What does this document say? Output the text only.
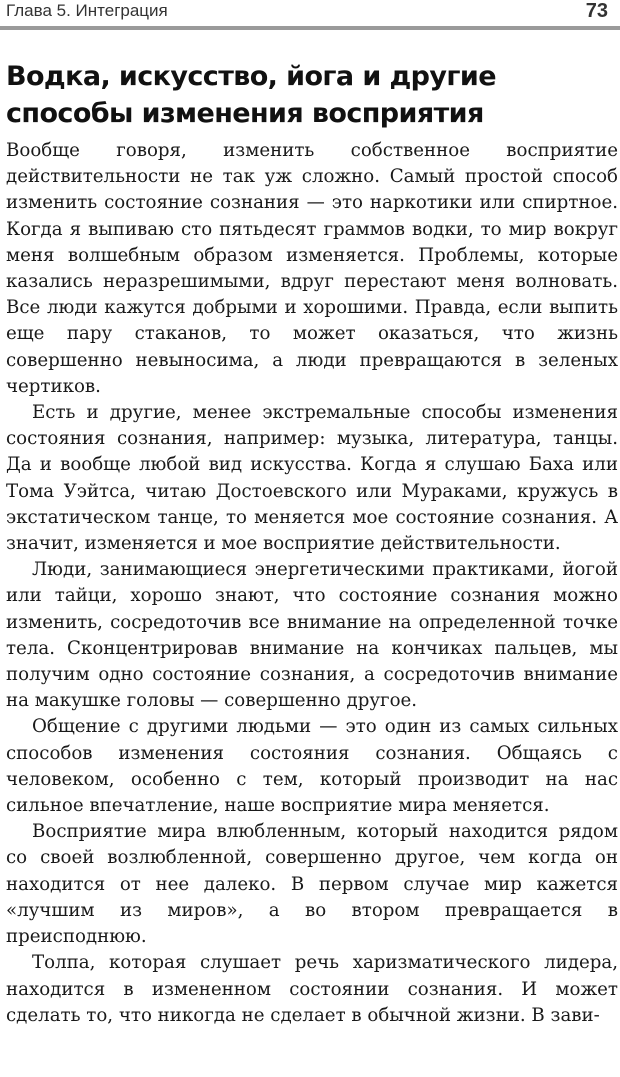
Глава 5. Интеграция	73
Водка, искусство, йога и другие способы изменения восприятия

Вообще говоря, изменить собственное восприятие действительности не так уж сложно. Самый простой способ изменить состояние сознания — это наркотики или спиртное. Когда я выпиваю сто пятьдесят граммов водки, то мир вокруг меня волшебным образом изменяется. Проблемы, которые казались неразрешимыми, вдруг перестают меня волновать. Все люди кажутся добрыми и хорошими. Правда, если выпить еще пару стаканов, то может оказаться, что жизнь совершенно невыносима, а люди превращаются в зеленых чертиков.

Есть и другие, менее экстремальные способы изменения состояния сознания, например: музыка, литература, танцы. Да и вообще любой вид искусства. Когда я слушаю Баха или Тома Уэйтса, читаю Достоевского или Мураками, кружусь в экстатическом танце, то меняется мое состояние сознания. А значит, изменяется и мое восприятие действительности.

Люди, занимающиеся энергетическими практиками, йогой или тайци, хорошо знают, что состояние сознания можно изменить, сосредоточив все внимание на определенной точке тела. Сконцентрировав внимание на кончиках пальцев, мы получим одно состояние сознания, а сосредоточив внимание на макушке головы — совершенно другое.

Общение с другими людьми — это один из самых сильных способов изменения состояния сознания. Общаясь с человеком, особенно с тем, который производит на нас сильное впечатление, наше восприятие мира меняется.

Восприятие мира влюбленным, который находится рядом со своей возлюбленной, совершенно другое, чем когда он находится от нее далеко. В первом случае мир кажется «лучшим из миров», а во втором превращается в преисподнюю.

Толпа, которая слушает речь харизматического лидера, находится в измененном состоянии сознания. И может сделать то, что никогда не сделает в обычной жизни. В зави-
